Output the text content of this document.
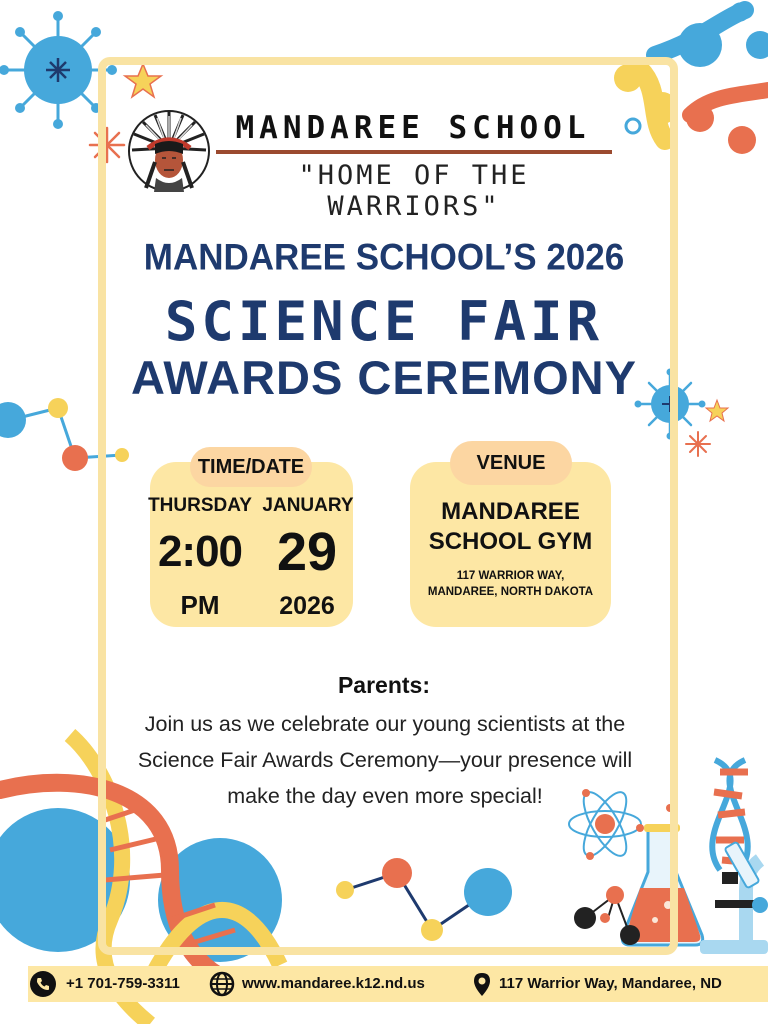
MANDAREE SCHOOL
"HOME OF THE WARRIORS"
MANDAREE SCHOOL’S 2026
SCIENCE FAIR
AWARDS CEREMONY
TIME/DATE
THURSDAY JANUARY
2:00 29
PM	2026
VENUE
MANDAREE
SCHOOL GYM
117 WARRIOR WAY,
MANDAREE, NORTH DAKOTA
Parents:
Join us as we celebrate our young scientists at the Science Fair Awards Ceremony—your presence will make the day even more special!
+1 701-759-3311	www.mandaree.k12.nd.us	117 Warrior Way, Mandaree, ND
